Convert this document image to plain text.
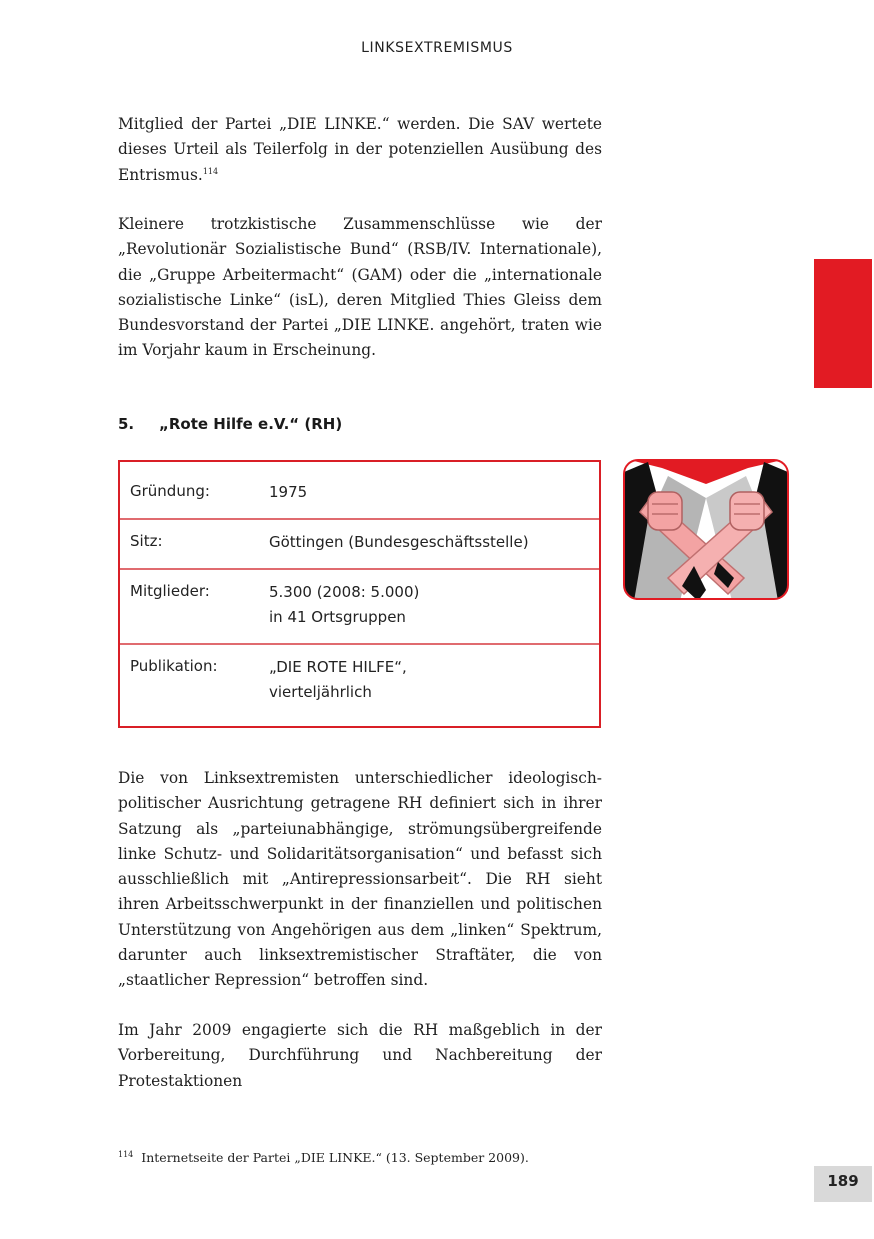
LINKSEXTREMISMUS

Mitglied der Partei „DIE LINKE.“ werden. Die SAV wertete dieses Urteil als Teilerfolg in der potenziellen Ausübung des Entrismus.$^{114}$

Kleinere trotzkistische Zusammenschlüsse wie der „Revolutionär Sozialistische Bund“ (RSB/IV. Internationale), die „Gruppe Arbeitermacht“ (GAM) oder die „internationale sozialistische Linke“ (isL), deren Mitglied Thies Gleiss dem Bundesvorstand der Partei „DIE LINKE. angehört, traten wie im Vorjahr kaum in Erscheinung.

5. „Rote Hilfe e.V.“ (RH)
Gründung:	1975
Sitz:	Göttingen (Bundesgeschäftsstelle)
Mitglieder:	5.300 (2008: 5.000)
in 41 Ortsgruppen
Publikation:	„DIE ROTE HILFE“,
vierteljährlich

Die von Linksextremisten unterschiedlicher ideologisch-politischer Ausrichtung getragene RH definiert sich in ihrer Satzung als „parteiunabhängige, strömungsübergreifende linke Schutz- und Solidaritätsorganisation“ und befasst sich ausschließlich mit „Antirepressionsarbeit“. Die RH sieht ihren Arbeitsschwerpunkt in der finanziellen und politischen Unterstützung von Angehörigen aus dem „linken“ Spektrum, darunter auch linksextremistischer Straftäter, die von „staatlicher Repression“ betroffen sind.

Im Jahr 2009 engagierte sich die RH maßgeblich in der Vorbereitung, Durchführung und Nachbereitung der Protestaktionen

$^{114}$ Internetseite der Partei „DIE LINKE.“ (13. September 2009).
189
